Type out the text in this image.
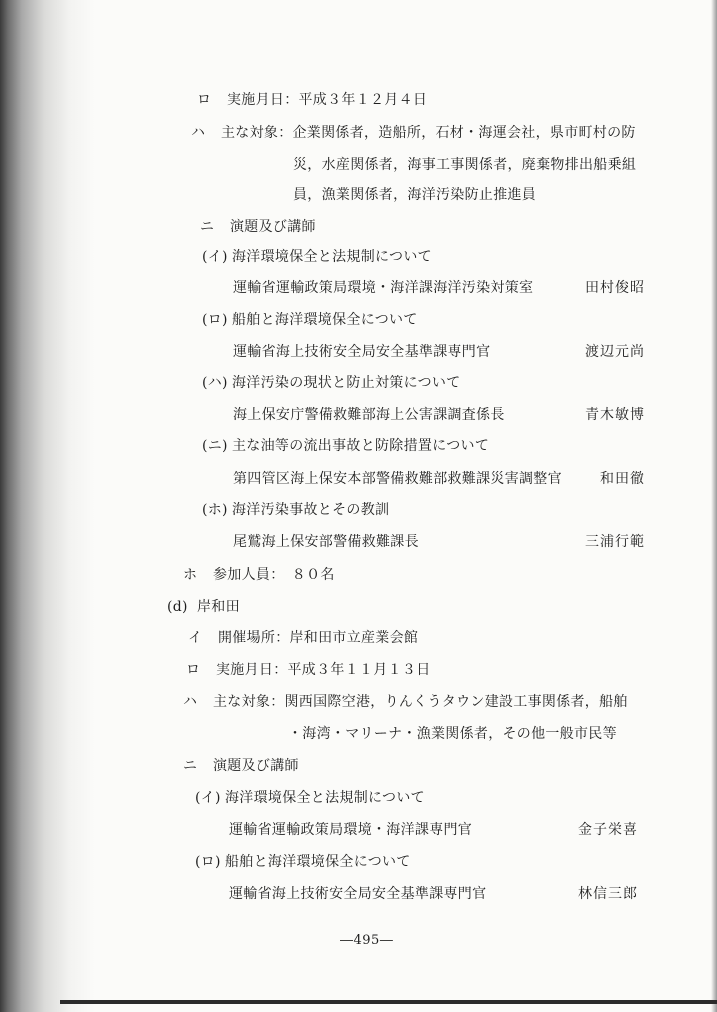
ロ 実施月日：平成３年１２月４日
ハ 主な対象：企業関係者，造船所，石材・海運会社，県市町村の防
災，水産関係者，海事工事関係者，廃棄物排出船乗組
員，漁業関係者，海洋汚染防止推進員
ニ 演題及び講師
(イ) 海洋環境保全と法規制について
運輸省運輸政策局環境・海洋課海洋汚染対策室	田村俊昭
(ロ) 船舶と海洋環境保全について
運輸省海上技術安全局安全基準課専門官	渡辺元尚
(ハ) 海洋汚染の現状と防止対策について
海上保安庁警備救難部海上公害課調査係長	青木敏博
(ニ) 主な油等の流出事故と防除措置について
第四管区海上保安本部警備救難部救難課災害調整官	和田徹
(ホ) 海洋汚染事故とその教訓
尾鷲海上保安部警備救難課長	三浦行範
ホ 参加人員：　８０名
(d) 岸和田
イ 開催場所：岸和田市立産業会館
ロ 実施月日：平成３年１１月１３日
ハ 主な対象：関西国際空港，りんくうタウン建設工事関係者，船舶
・海湾・マリーナ・漁業関係者，その他一般市民等
ニ 演題及び講師
(イ) 海洋環境保全と法規制について
運輸省運輸政策局環境・海洋課専門官	金子栄喜
(ロ) 船舶と海洋環境保全について
運輸省海上技術安全局安全基準課専門官	林信三郎
―495―
